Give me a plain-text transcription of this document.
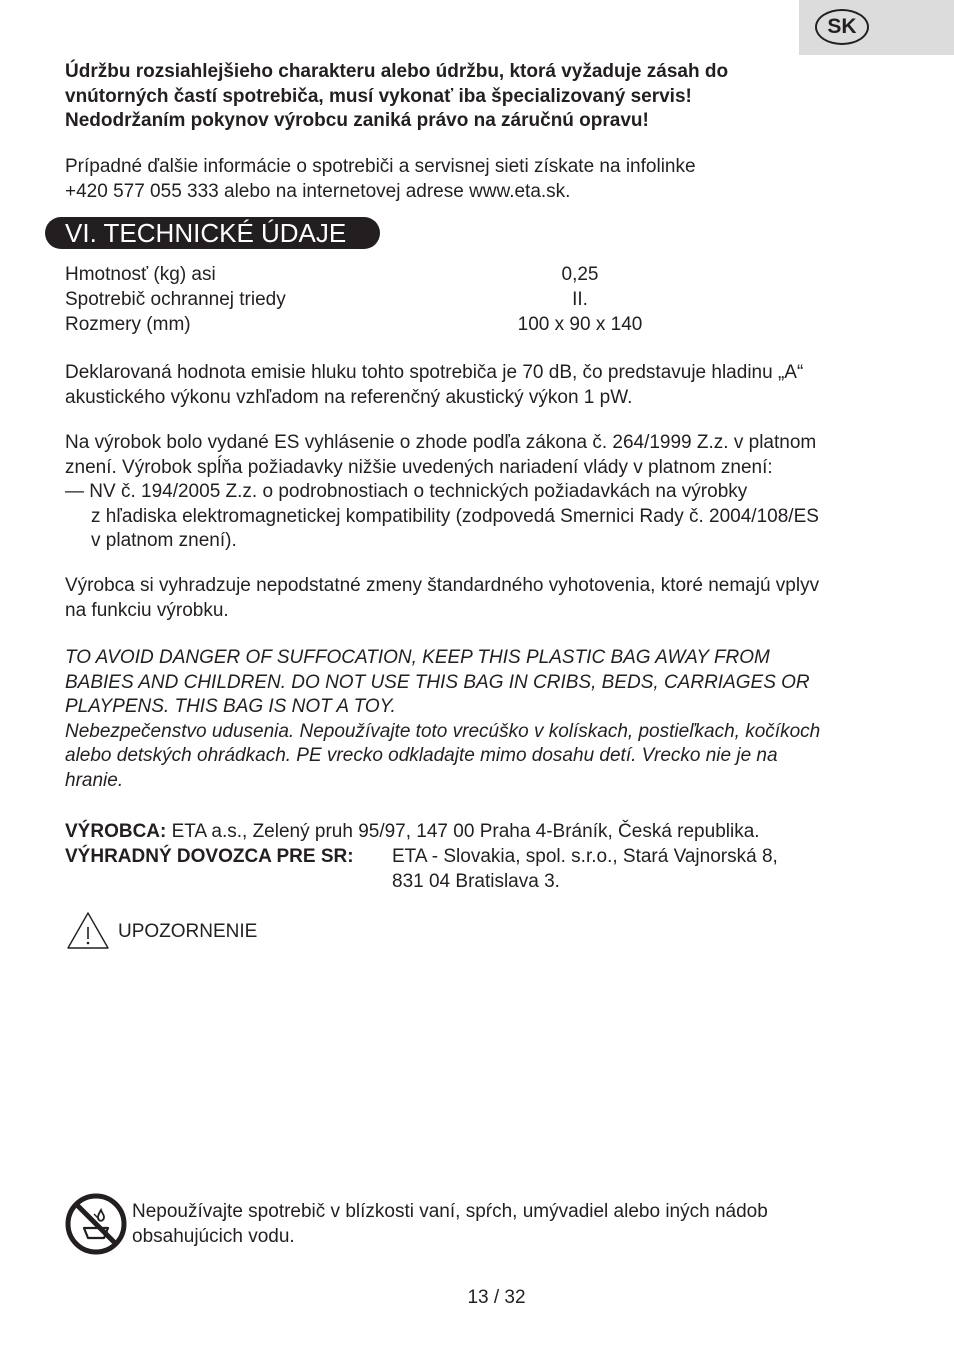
SK
Údržbu rozsiahlejšieho charakteru alebo údržbu, ktorá vyžaduje zásah do
vnútorných častí spotrebiča, musí vykonať iba špecializovaný servis!
Nedodržaním pokynov výrobcu zaniká právo na záručnú opravu!
Prípadné ďalšie informácie o spotrebiči a servisnej sieti získate na infolinke
+420 577 055 333 alebo na internetovej adrese www.eta.sk.
VI. TECHNICKÉ ÚDAJE
Hmotnosť (kg) asi	0,25
Spotrebič ochrannej triedy	II.
Rozmery (mm)	100 x 90 x 140
Deklarovaná hodnota emisie hluku tohto spotrebiča je 70 dB, čo predstavuje hladinu „A“
akustického výkonu vzhľadom na referenčný akustický výkon 1 pW.
Na výrobok bolo vydané ES vyhlásenie o zhode podľa zákona č. 264/1999 Z.z. v platnom
znení. Výrobok spĺňa požiadavky nižšie uvedených nariadení vlády v platnom znení:
— NV č. 194/2005 Z.z. o podrobnostiach o technických požiadavkách na výrobky
z hľadiska elektromagnetickej kompatibility (zodpovedá Smernici Rady č. 2004/108/ES
v platnom znení).
Výrobca si vyhradzuje nepodstatné zmeny štandardného vyhotovenia, ktoré nemajú vplyv
na funkciu výrobku.
TO AVOID DANGER OF SUFFOCATION, KEEP THIS PLASTIC BAG AWAY FROM
BABIES AND CHILDREN. DO NOT USE THIS BAG IN CRIBS, BEDS, CARRIAGES OR
PLAYPENS. THIS BAG IS NOT A TOY.
Nebezpečenstvo udusenia. Nepoužívajte toto vrecúško v kolískach, postieľkach, kočíkoch
alebo detských ohrádkach. PE vrecko odkladajte mimo dosahu detí. Vrecko nie je na
hranie.
VÝROBCA: ETA a.s., Zelený pruh 95/97, 147 00 Praha 4-Bráník, Česká republika.
VÝHRADNÝ DOVOZCA PRE SR: ETA - Slovakia, spol. s.r.o., Stará Vajnorská 8,
831 04 Bratislava 3.
UPOZORNENIE
Nepoužívajte spotrebič v blízkosti vaní, spŕch, umývadiel alebo iných nádob
obsahujúcich vodu.
13 / 32
